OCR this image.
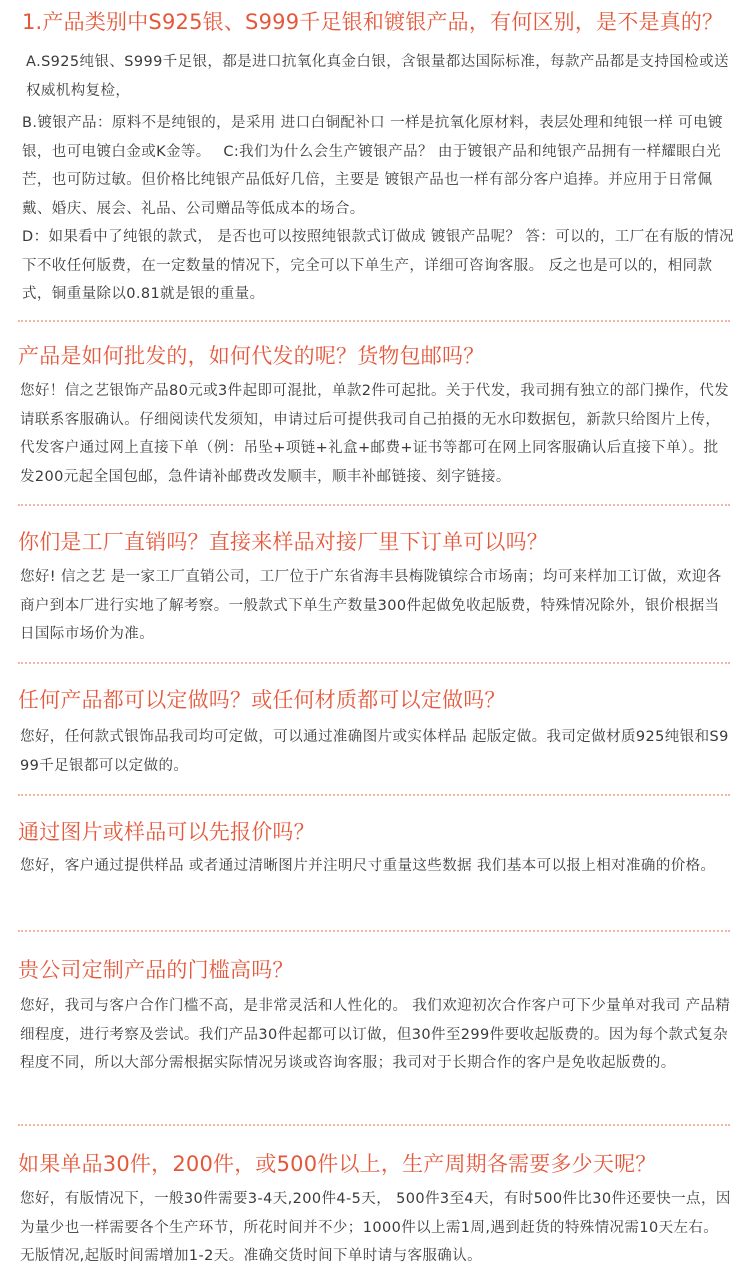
1.产品类别中S925银、S999千足银和镀银产品，有何区别，是不是真的？
A.S925纯银、S999千足银，都是进口抗氧化真金白银，含银量都达国际标准，每款产品都是支持国检或送权威机构复检，
B.镀银产品：原料不是纯银的，是采用 进口白铜配补口 一样是抗氧化原材料，表层处理和纯银一样 可电镀银，也可电镀白金或K金等。　 C:我们为什么会生产镀银产品？ 由于镀银产品和纯银产品拥有一样耀眼白光芒，也可防过敏。但价格比纯银产品低好几倍，主要是 镀银产品也一样有部分客户追捧。并应用于日常佩戴、婚庆、展会、礼品、公司赠品等低成本的场合。
D：如果看中了纯银的款式， 是否也可以按照纯银款式订做成 镀银产品呢？ 答：可以的，工厂在有版的情况下不收任何版费，在一定数量的情况下，完全可以下单生产，详细可咨询客服。 反之也是可以的，相同款式，铜重量除以0.81就是银的重量。
产品是如何批发的，如何代发的呢？货物包邮吗？
您好！信之艺银饰产品80元或3件起即可混批，单款2件可起批。关于代发，我司拥有独立的部门操作，代发请联系客服确认。仔细阅读代发须知，申请过后可提供我司自己拍摄的无水印数据包，新款只给图片上传，代发客户通过网上直接下单（例：吊坠+项链+礼盒+邮费+证书等都可在网上同客服确认后直接下单）。批发200元起全国包邮，急件请补邮费改发顺丰，顺丰补邮链接、刻字链接。
你们是工厂直销吗？直接来样品对接厂里下订单可以吗？
您好! 信之艺 是一家工厂直销公司，工厂位于广东省海丰县梅陇镇综合市场南；均可来样加工订做，欢迎各商户到本厂进行实地了解考察。一般款式下单生产数量300件起做免收起版费，特殊情况除外，银价根据当日国际市场价为准。
任何产品都可以定做吗？或任何材质都可以定做吗？
您好，任何款式银饰品我司均可定做，可以通过准确图片或实体样品 起版定做。我司定做材质925纯银和S999千足银都可以定做的。
通过图片或样品可以先报价吗？
您好，客户通过提供样品 或者通过清晰图片并注明尺寸重量这些数据 我们基本可以报上相对准确的价格。
贵公司定制产品的门槛高吗？
您好，我司与客户合作门槛不高，是非常灵活和人性化的。 我们欢迎初次合作客户可下少量单对我司 产品精细程度，进行考察及尝试。我们产品30件起都可以订做，但30件至299件要收起版费的。因为每个款式复杂程度不同，所以大部分需根据实际情况另谈或咨询客服；我司对于长期合作的客户是免收起版费的。
如果单品30件，200件，或500件以上，生产周期各需要多少天呢？
您好，有版情况下，一般30件需要3-4天,200件4-5天， 500件3至4天，有时500件比30件还要快一点，因为量少也一样需要各个生产环节，所花时间并不少；1000件以上需1周,遇到赶货的特殊情况需10天左右。无版情况,起版时间需增加1-2天。准确交货时间下单时请与客服确认。
